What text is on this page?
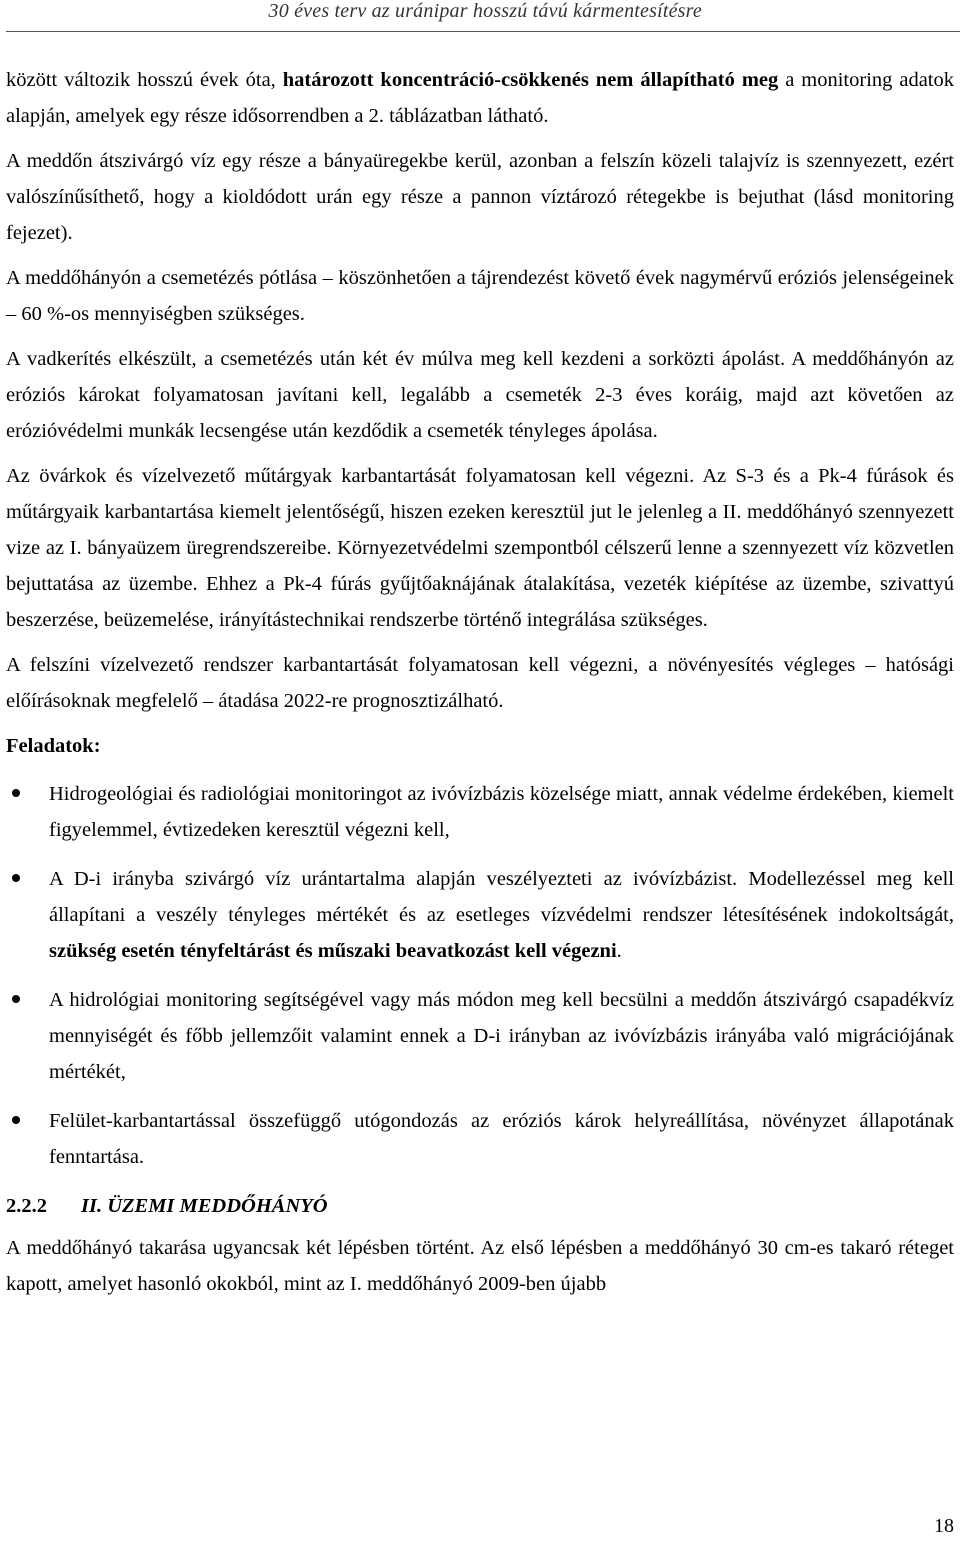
30 éves terv az uránipar hosszú távú kármentesítésre

között változik hosszú évek óta, határozott koncentráció-csökkenés nem állapítható meg a monitoring adatok alapján, amelyek egy része idősorrendben a 2. táblázatban látható.

A meddőn átszivárgó víz egy része a bányaüregekbe kerül, azonban a felszín közeli talajvíz is szennyezett, ezért valószínűsíthető, hogy a kioldódott urán egy része a pannon víztározó rétegekbe is bejuthat (lásd monitoring fejezet).

A meddőhányón a csemetézés pótlása – köszönhetően a tájrendezést követő évek nagymérvű eróziós jelenségeinek – 60 %-os mennyiségben szükséges.

A vadkerítés elkészült, a csemetézés után két év múlva meg kell kezdeni a sorközti ápolást. A meddőhányón az eróziós károkat folyamatosan javítani kell, legalább a csemeték 2-3 éves koráig, majd azt követően az erózióvédelmi munkák lecsengése után kezdődik a csemeték tényleges ápolása.

Az övárkok és vízelvezető műtárgyak karbantartását folyamatosan kell végezni. Az S-3 és a Pk-4 fúrások és műtárgyaik karbantartása kiemelt jelentőségű, hiszen ezeken keresztül jut le jelenleg a II. meddőhányó szennyezett vize az I. bányaüzem üregrendszereibe. Környezetvédelmi szempontból célszerű lenne a szennyezett víz közvetlen bejuttatása az üzembe. Ehhez a Pk-4 fúrás gyűjtőaknájának átalakítása, vezeték kiépítése az üzembe, szivattyú beszerzése, beüzemelése, irányítástechnikai rendszerbe történő integrálása szükséges.

A felszíni vízelvezető rendszer karbantartását folyamatosan kell végezni, a növényesítés végleges – hatósági előírásoknak megfelelő – átadása 2022-re prognosztizálható.

Feladatok:
Hidrogeológiai és radiológiai monitoringot az ivóvízbázis közelsége miatt, annak védelme érdekében, kiemelt figyelemmel, évtizedeken keresztül végezni kell,
A D-i irányba szivárgó víz urántartalma alapján veszélyezteti az ivóvízbázist. Modellezéssel meg kell állapítani a veszély tényleges mértékét és az esetleges vízvédelmi rendszer létesítésének indokoltságát, szükség esetén tényfeltárást és műszaki beavatkozást kell végezni.
A hidrológiai monitoring segítségével vagy más módon meg kell becsülni a meddőn átszivárgó csapadékvíz mennyiségét és főbb jellemzőit valamint ennek a D-i irányban az ivóvízbázis irányába való migrációjának mértékét,
Felület-karbantartással összefüggő utógondozás az eróziós károk helyreállítása, növényzet állapotának fenntartása.
2.2.2 II. ÜZEMI MEDDŐHÁNYÓ

A meddőhányó takarása ugyancsak két lépésben történt. Az első lépésben a meddőhányó 30 cm-es takaró réteget kapott, amelyet hasonló okokból, mint az I. meddőhányó 2009-ben újabb

18
